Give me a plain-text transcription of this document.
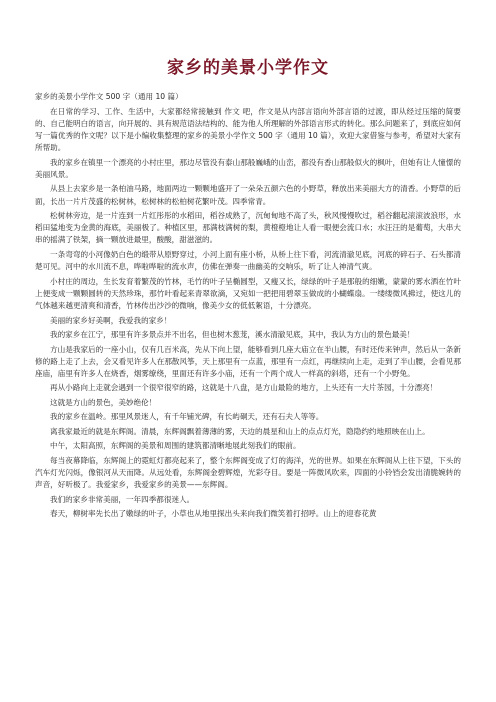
家乡的美景小学作文

家乡的美景小学作文 500 字（通用 10 篇）

在日常的学习、工作、生活中，大家都经常接触到 作文 吧，作文是从内部言语向外部言语的过渡，即从经过压缩的简要的、自己能明白的语言，向开展的、具有规范语法结构的、能为他人所理解的外部语言形式的转化。那么问题来了，到底应如何写一篇优秀的作文呢？以下是小编收集整理的家乡的美景小学作文 500 字（通用 10 篇），欢迎大家借鉴与参考，希望对大家有所帮助。

我的家乡在镇里一个漂亮的小村庄里，那边尽管没有泰山那般巍峨的山峦，都没有香山那般似火的枫叶，但她有让人憧憬的美丽风景。

从县上去家乡是一条柏油马路，地面两边一颗颗地盛开了一朵朵五颜六色的小野草，释放出来美丽大方的清香。小野草的后面，长出一片片茂盛的松树林，松树林的松柏树花繁叶茂。四季常青。

松树林旁边，是一片连到一片红彤彤的水稻田，稻谷成熟了，沉甸甸地不高了头，秋风慢慢吹过，稻谷翻起滚滚波浪形，水稻田猛地变为金黄的海底，美丽极了。种植区里，那满枝满树的梨，黄橙橙地让人看一眼便会流口水；水汪汪的是葡萄，大串大串的摇满了铁架，摘一颗放进最里，酸酸，甜滋滋的。

一条弯弯的小河像奶白色的缎带从原野穿过，小河上面有座小桥，从桥上往下看，河流清澈见底，河底的碎石子、石头都清楚可见。河中的水川流不息，哗啦哗啦的流水声，仿佛在弹奏一曲幽美的交响乐，听了让人神清气爽。

小村庄的周边，生长发育着繁茂的竹林，毛竹的叶子呈椭圆型，又瘦又长，绿绿的叶子是那般的细嫩，蒙蒙的雾水洒在竹叶上便变成一颗颗圆转的天然珍珠，那竹叶看起来青翠欲滴，又宛如一把把用碧翠玉做成的小蝴蝶扇。一缕缕微风拂过，使这儿的气体越来越更清爽和清香，竹林传出沙沙的微响，像美少女的低低絮语，十分漂亮。

美丽的家乡好美啊，我爱我的家乡！

我的家乡在江宁，那里有许多景点并不出名，但也树木葱茏，溪水清澈见底，其中，我认为方山的景色最美！

方山是我家后的一座小山，仅有几百米高，先从下向上望，能够看到几座大庙立在半山腰，有时还传来钟声，然后从一条新修的路上走了上去，会又看见许多人在那散风筝，天上那里有一点蓝，那里有一点红，再继续向上走，走到了半山腰，会看见那座庙，庙里有许多人在烧香，烟雾缭绕，里面还有许多小庙，还有一个两个成人一样高的斜塔，还有一个小野兔。

再从小路向上走就会遇到一个很窄很窄的路，这就是十八盘，是方山最险的地方，上头还有一大片茶园，十分漂亮！

这就是方山的景色，美妙绝伦！

我的家乡在温岭。那里风景迷人，有千年铺光碑，有长屿硐天，还有石夫人等等。

离我家最近的就是东辉阁。清晨，东辉阁飘着薄薄的雾，天边的晨星和山上的点点灯光，隐隐约约地照映在山上。

中午，太阳高照，东辉阁的美景和周围的建筑都清晰地展此刻我们的眼前。

每当夜幕降临，东辉阁上的霓虹灯都亮起来了，整个东辉阁变成了灯的海洋，光的世界。如果在东辉阁从上往下望，下头的汽车灯光闪烁，像银河从天而降。从远处看，东辉阁金碧辉煌，光彩夺目。要是一阵微风吹来，四面的小铃铛会发出清脆婉转的声音，好听极了。我爱家乡，我爱家乡的美景——东辉阁。

我们的家乡非常美丽，一年四季都很迷人。

春天，柳树率先长出了嫩绿的叶子，小草也从地里探出头来向我们微笑着打招呼。山上的迎春花黄
